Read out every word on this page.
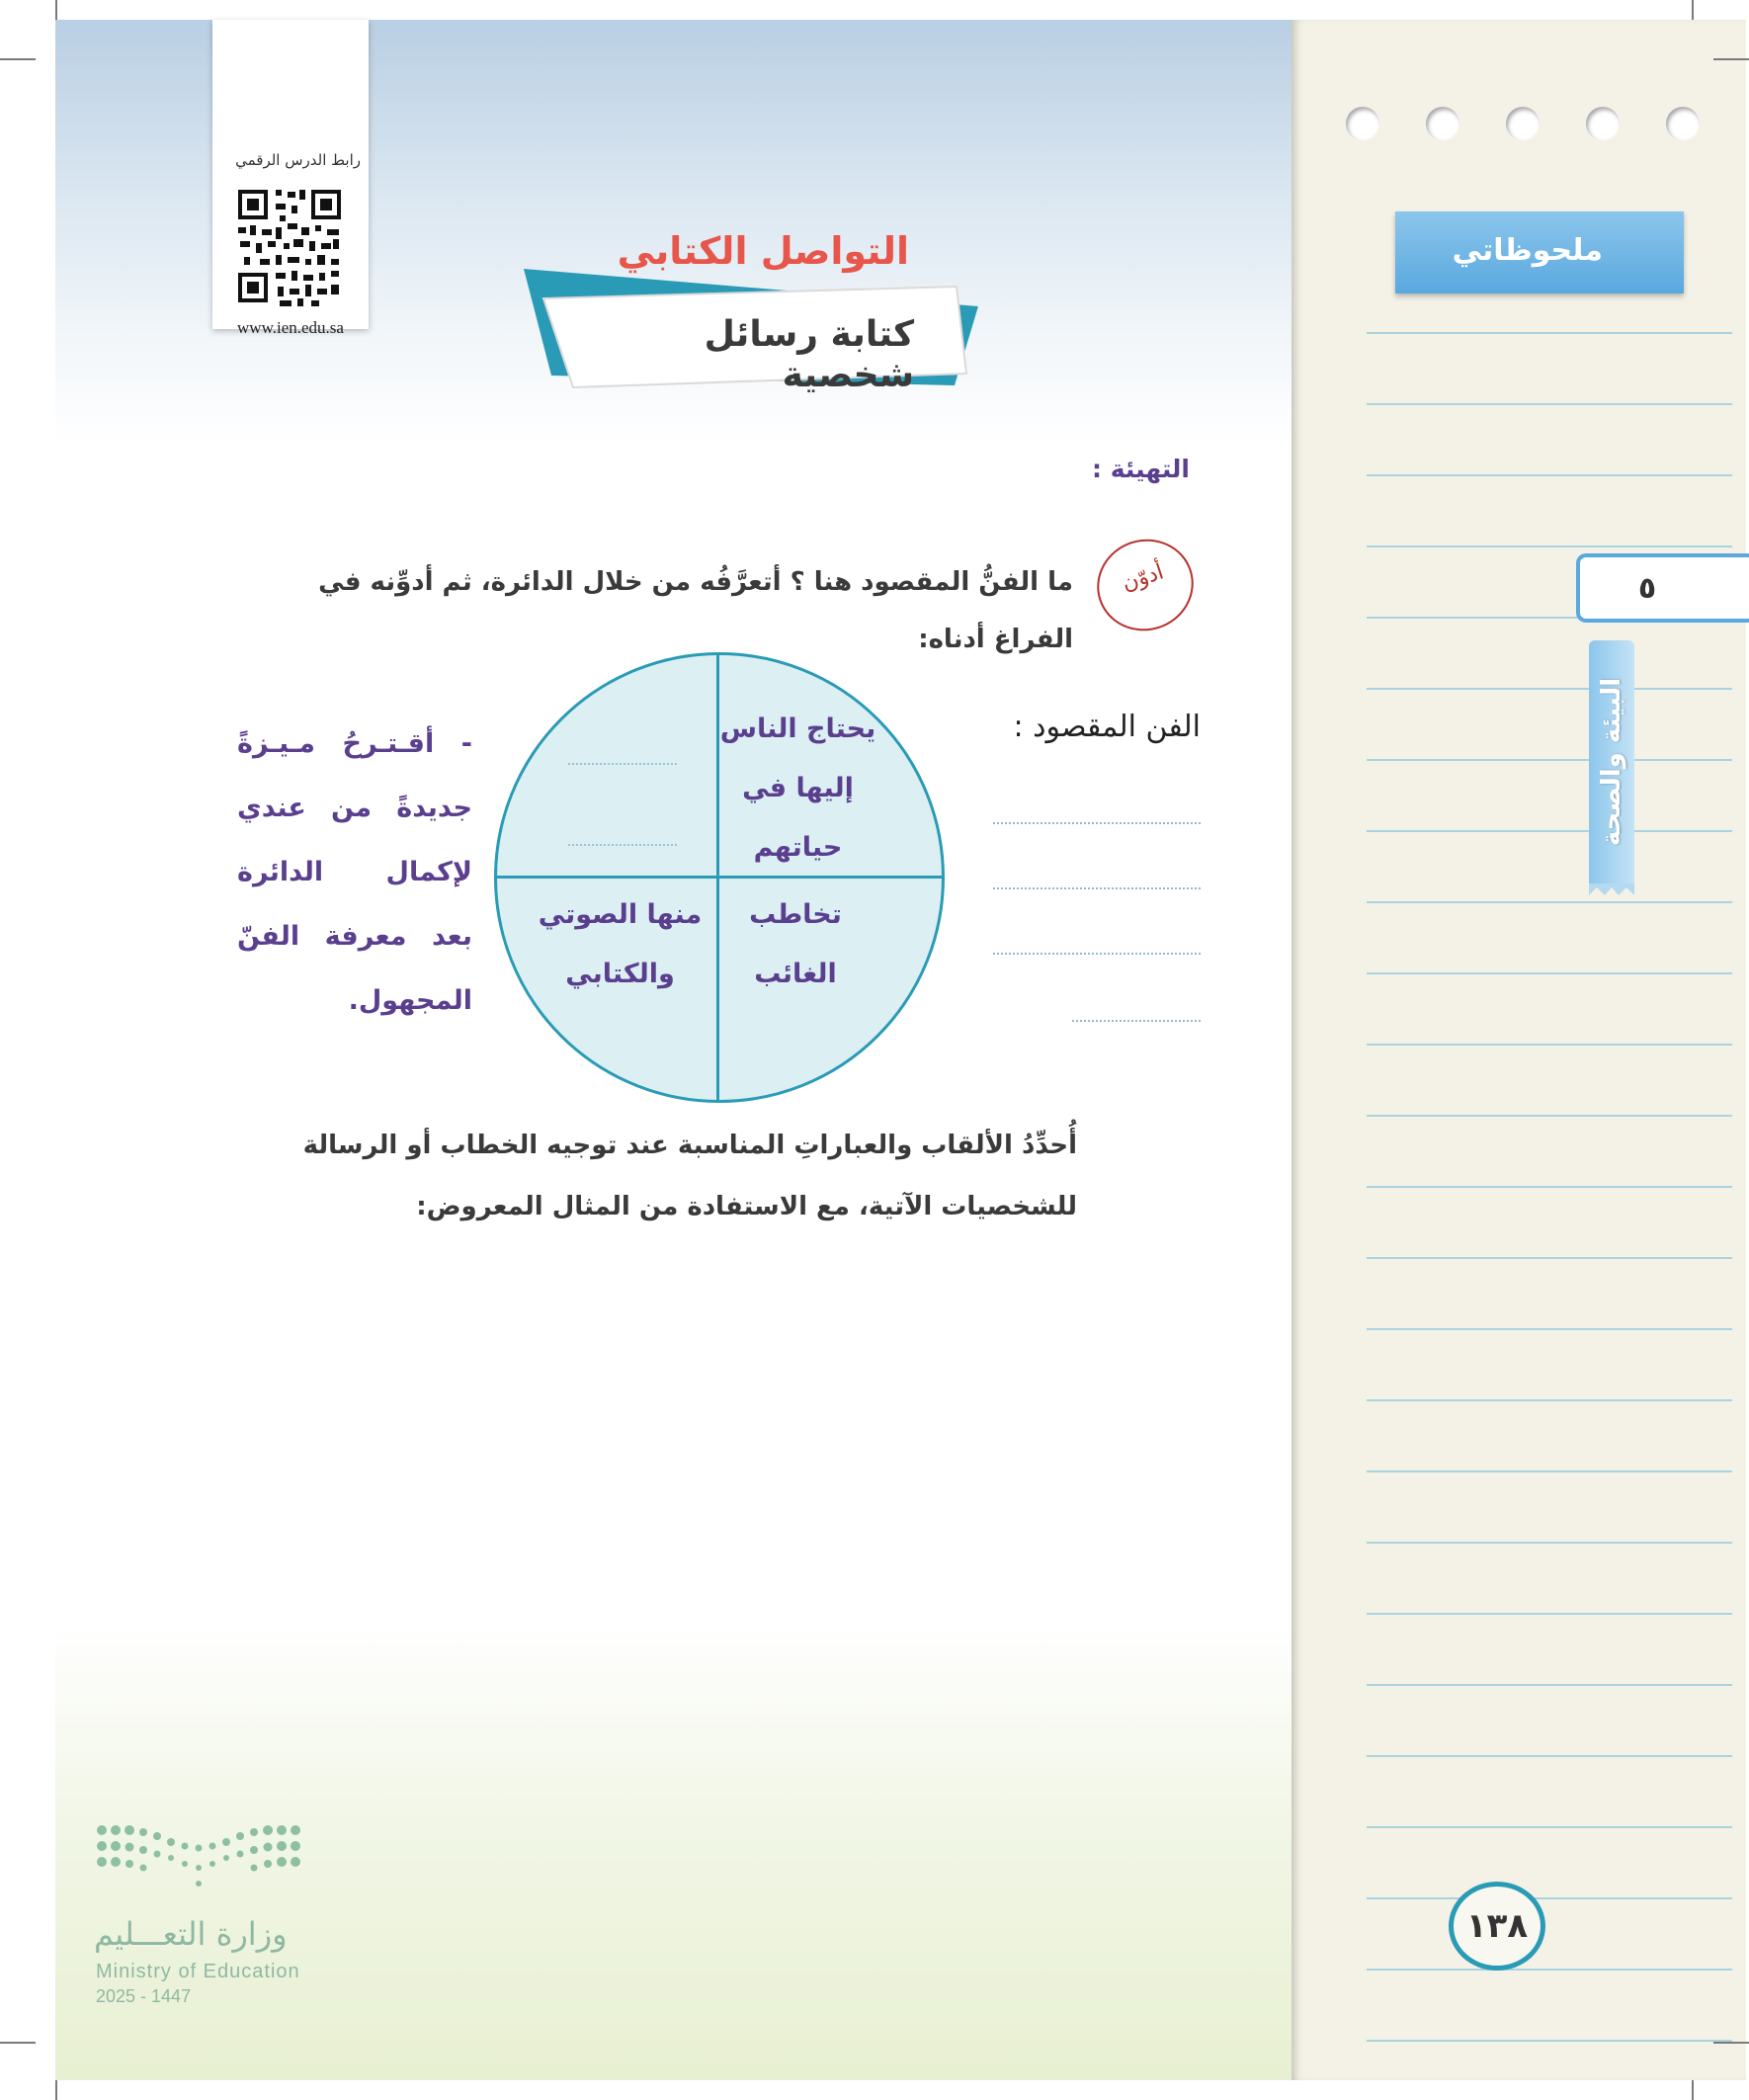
رابط الدرس الرقمي
www.ien.edu.sa
التواصل الكتابي
كتابة رسائل شخصية
التهيئة :
أدوّن
ما الفنُّ المقصود هنا ؟ أتعرَّفُه من خلال الدائرة، ثم أدوِّنه في الفراغ أدناه:
الفن المقصود :
يحتاج الناس
إليها في
حياتهم
تخاطب
الغائب
منها الصوتي
والكتابي
- أقـتـرحُ مـيـزةً
جديدةً من عندي
لإكمال الدائرة
بعد معرفة الفنّ
المجهول.
أُحدِّدُ الألقاب والعباراتِ المناسبة عند توجيه الخطاب أو الرسالة
للشخصيات الآتية، مع الاستفادة من المثال المعروض:
ملحوظاتي
٥
البيئة والصحة
١٣٨
وزارة التعـــليم
Ministry of Education
2025 - 1447
